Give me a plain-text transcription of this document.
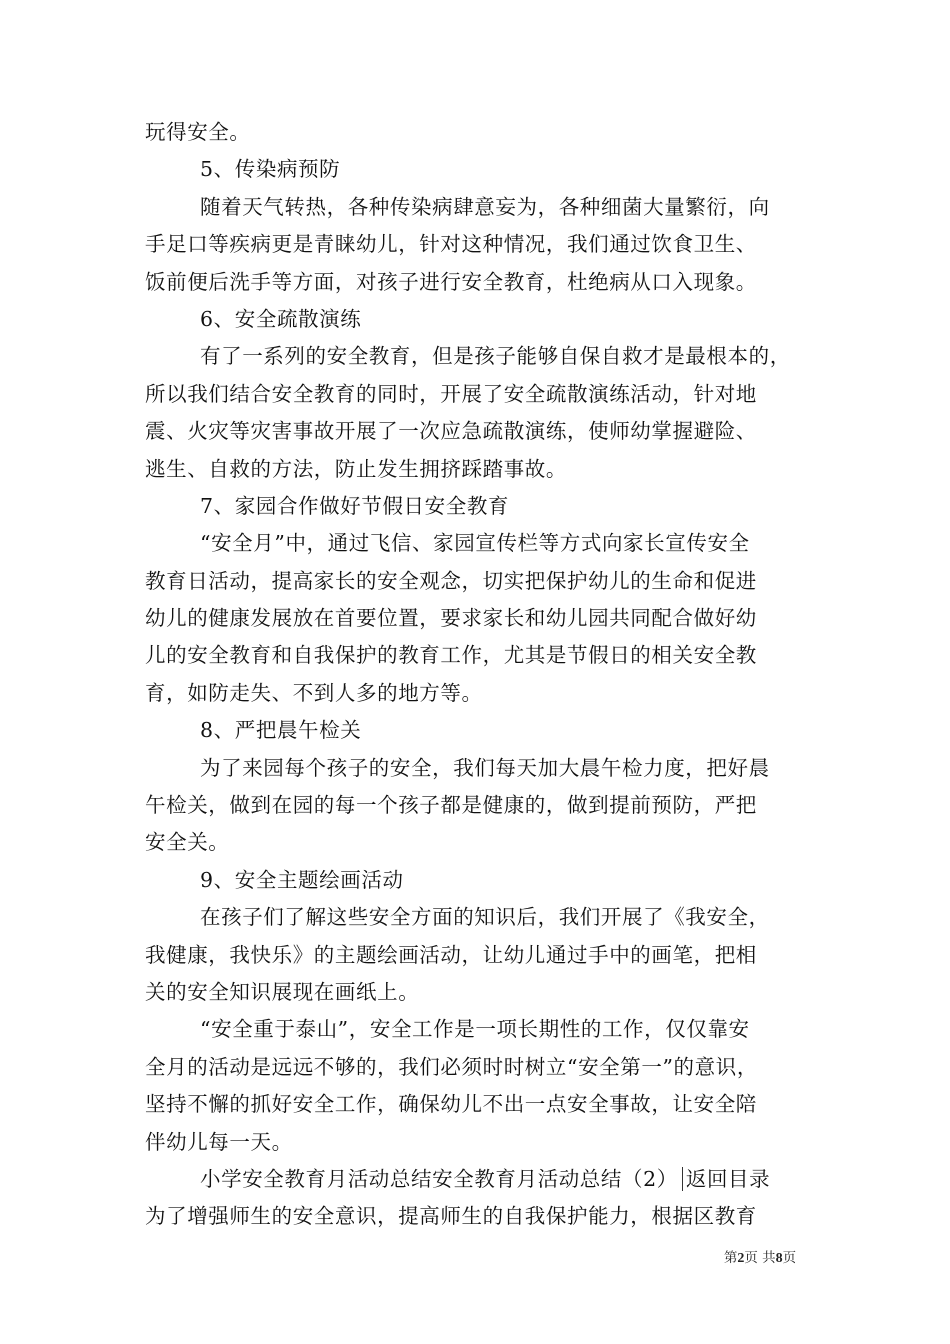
玩得安全。
5、传染病预防
随着天气转热，各种传染病肆意妄为，各种细菌大量繁衍，向
手足口等疾病更是青睐幼儿，针对这种情况，我们通过饮食卫生、
饭前便后洗手等方面，对孩子进行安全教育，杜绝病从口入现象。
6、安全疏散演练
有了一系列的安全教育，但是孩子能够自保自救才是最根本的，
所以我们结合安全教育的同时，开展了安全疏散演练活动，针对地
震、火灾等灾害事故开展了一次应急疏散演练，使师幼掌握避险、
逃生、自救的方法，防止发生拥挤踩踏事故。
7、家园合作做好节假日安全教育
“安全月”中，通过飞信、家园宣传栏等方式向家长宣传安全
教育日活动，提高家长的安全观念，切实把保护幼儿的生命和促进
幼儿的健康发展放在首要位置，要求家长和幼儿园共同配合做好幼
儿的安全教育和自我保护的教育工作，尤其是节假日的相关安全教
育，如防走失、不到人多的地方等。
8、严把晨午检关
为了来园每个孩子的安全，我们每天加大晨午检力度，把好晨
午检关，做到在园的每一个孩子都是健康的，做到提前预防，严把
安全关。
9、安全主题绘画活动
在孩子们了解这些安全方面的知识后，我们开展了《我安全，
我健康，我快乐》的主题绘画活动，让幼儿通过手中的画笔，把相
关的安全知识展现在画纸上。
“安全重于泰山”，安全工作是一项长期性的工作，仅仅靠安
全月的活动是远远不够的，我们必须时时树立“安全第一”的意识，
坚持不懈的抓好安全工作，确保幼儿不出一点安全事故，让安全陪
伴幼儿每一天。
小学安全教育月活动总结安全教育月活动总结（2） 返回目录
为了增强师生的安全意识，提高师生的自我保护能力，根据区教育
第2页 共8页
